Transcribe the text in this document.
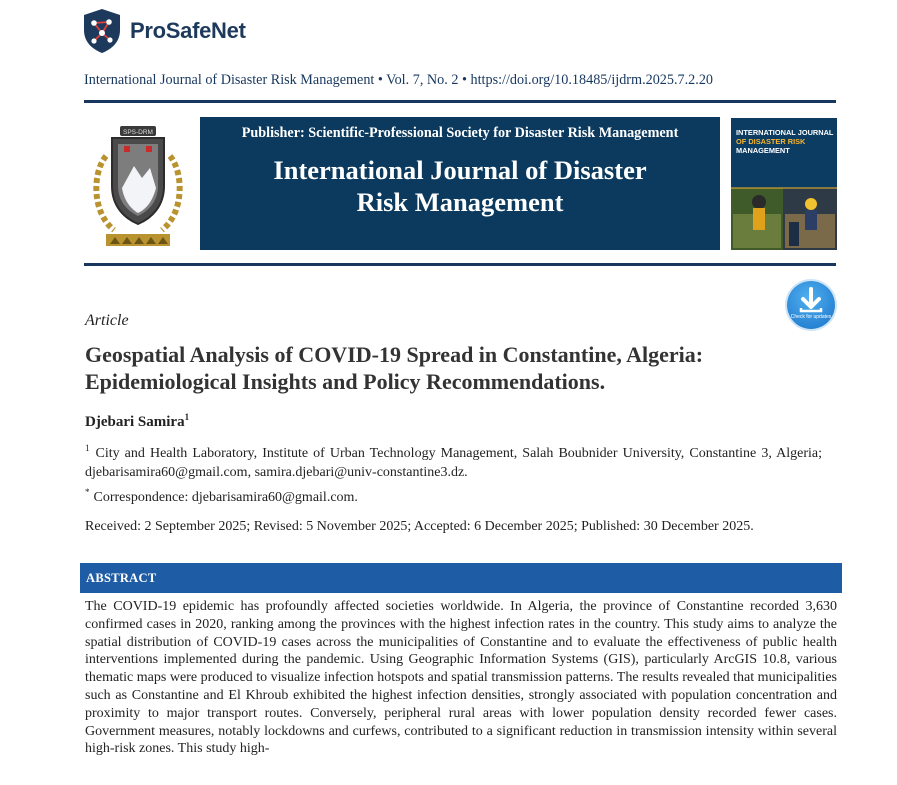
ProSafeNet
International Journal of Disaster Risk Management • Vol. 7, No. 2 • https://doi.org/10.18485/ijdrm.2025.7.2.20
SPS-DRM	Publisher: Scientific-Professional Society for Disaster Risk Management
International Journal of Disaster
Risk Management
INTERNATIONAL JOURNAL
OF DISASTER RISK
MANAGEMENT
Check for updates
Article
Geospatial Analysis of COVID-19 Spread in Constantine, Algeria: Epidemiological Insights and Policy Recommendations.
Djebari Samira$^1$
$^1$ City and Health Laboratory, Institute of Urban Technology Management, Salah Boubnider University, Constantine 3, Algeria; djebarisamira60@gmail.com, samira.djebari@univ-constantine3.dz.
* Correspondence: djebarisamira60@gmail.com.
Received: 2 September 2025; Revised: 5 November 2025; Accepted: 6 December 2025; Published: 30 December 2025.
ABSTRACT
The COVID-19 epidemic has profoundly affected societies worldwide. In Algeria, the province of Constantine recorded 3,630 confirmed cases in 2020, ranking among the provinces with the highest infection rates in the country. This study aims to analyze the spatial distribution of COVID-19 cases across the municipalities of Constantine and to evaluate the effectiveness of public health interventions implemented during the pandemic. Using Geographic Information Systems (GIS), particularly ArcGIS 10.8, various thematic maps were produced to visualize infection hotspots and spatial transmission patterns. The results revealed that municipalities such as Constantine and El Khroub exhibited the highest infection densities, strongly associated with population concentration and proximity to major transport routes. Conversely, peripheral rural areas with lower population density recorded fewer cases. Government measures, notably lockdowns and curfews, contributed to a significant reduction in transmission intensity within several high-risk zones. This study high-
